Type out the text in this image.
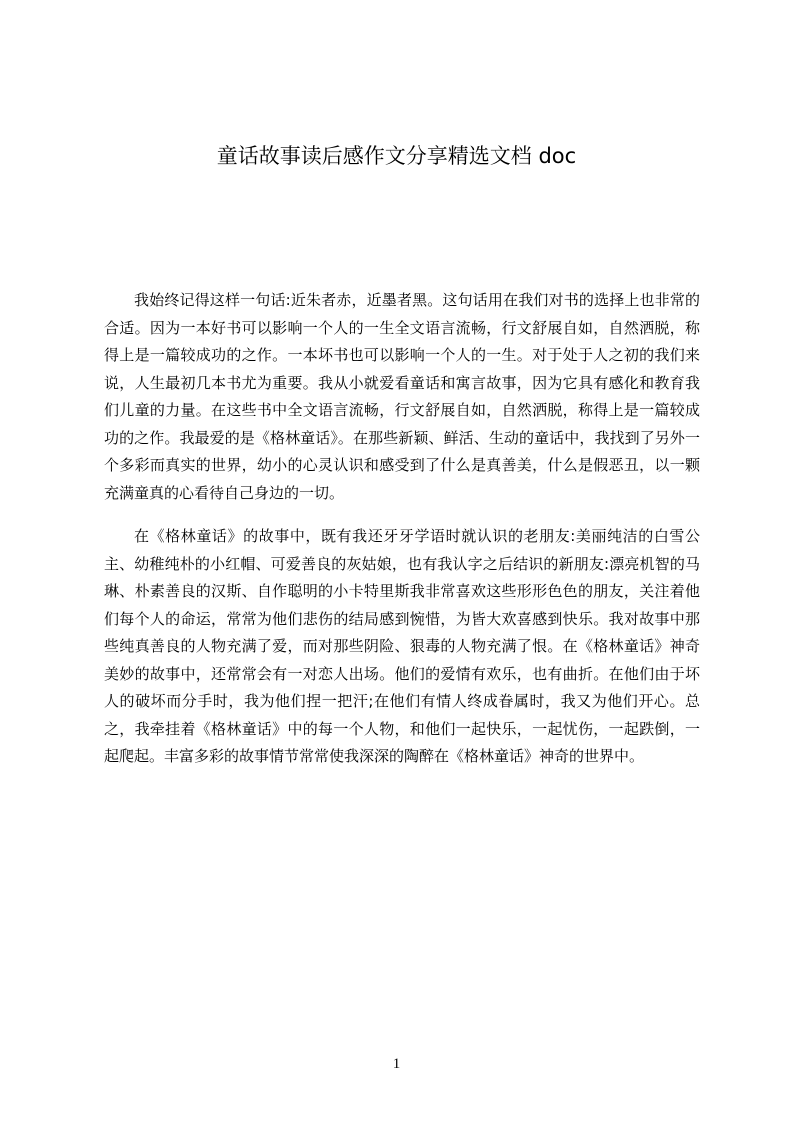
童话故事读后感作文分享精选文档 doc

我始终记得这样一句话:近朱者赤，近墨者黑。这句话用在我们对书的选择上也非常的合适。因为一本好书可以影响一个人的一生全文语言流畅，行文舒展自如，自然洒脱，称得上是一篇较成功的之作。一本坏书也可以影响一个人的一生。对于处于人之初的我们来说，人生最初几本书尤为重要。我从小就爱看童话和寓言故事，因为它具有感化和教育我们儿童的力量。在这些书中全文语言流畅，行文舒展自如，自然洒脱，称得上是一篇较成功的之作。我最爱的是《格林童话》。在那些新颖、鲜活、生动的童话中，我找到了另外一个多彩而真实的世界，幼小的心灵认识和感受到了什么是真善美，什么是假恶丑，以一颗充满童真的心看待自己身边的一切。

在《格林童话》的故事中，既有我还牙牙学语时就认识的老朋友:美丽纯洁的白雪公主、幼稚纯朴的小红帽、可爱善良的灰姑娘，也有我认字之后结识的新朋友:漂亮机智的马琳、朴素善良的汉斯、自作聪明的小卡特里斯我非常喜欢这些形形色色的朋友，关注着他们每个人的命运，常常为他们悲伤的结局感到惋惜，为皆大欢喜感到快乐。我对故事中那些纯真善良的人物充满了爱，而对那些阴险、狠毒的人物充满了恨。在《格林童话》神奇美妙的故事中，还常常会有一对恋人出场。他们的爱情有欢乐，也有曲折。在他们由于坏人的破坏而分手时，我为他们捏一把汗;在他们有情人终成眷属时，我又为他们开心。总之，我牵挂着《格林童话》中的每一个人物，和他们一起快乐，一起忧伤，一起跌倒，一起爬起。丰富多彩的故事情节常常使我深深的陶醉在《格林童话》神奇的世界中。

1
